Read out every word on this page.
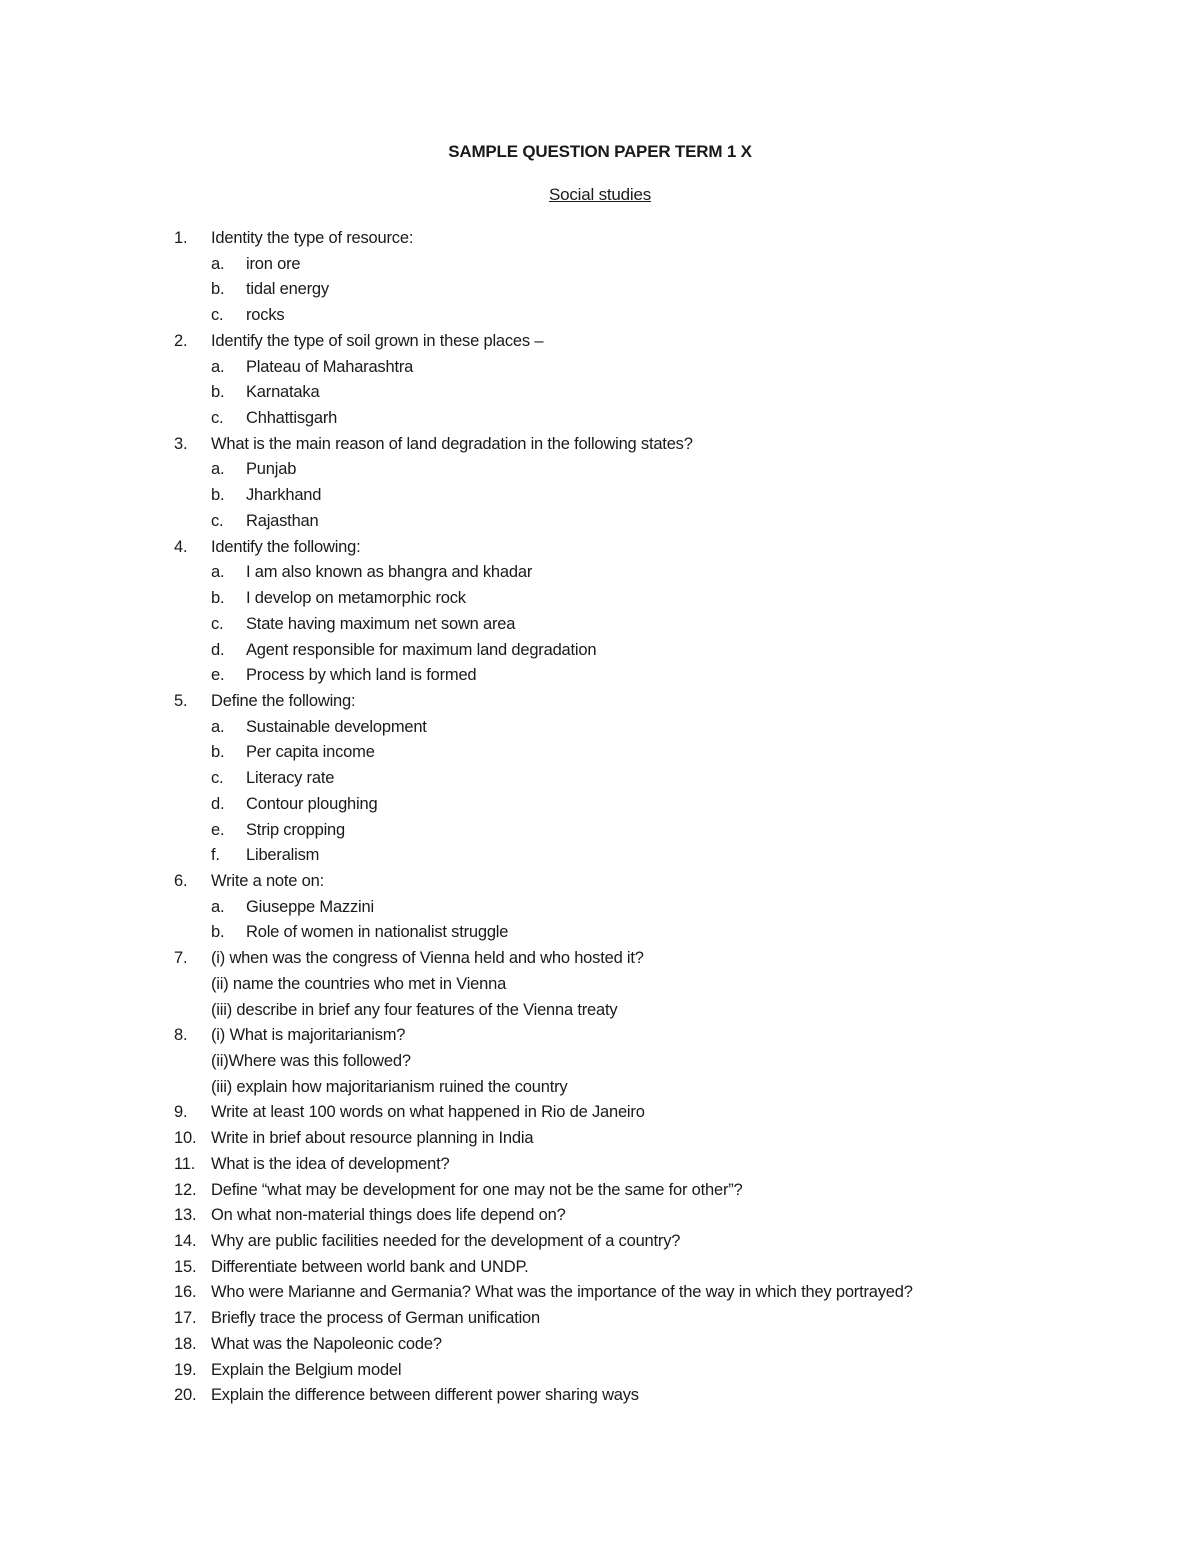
SAMPLE QUESTION PAPER TERM 1 X
Social studies
1.	Identity the type of resource:
a.	iron ore
b.	tidal energy
c.	rocks
2.	Identify the type of soil grown in these places –
a.	Plateau of Maharashtra
b.	Karnataka
c.	Chhattisgarh
3.	What is the main reason of land degradation in the following states?
a.	Punjab
b.	Jharkhand
c.	Rajasthan
4.	Identify the following:
a.	I am also known as bhangra and khadar
b.	I develop on metamorphic rock
c.	State having maximum net sown area
d.	Agent responsible for maximum land degradation
e.	Process by which land is formed
5.	Define the following:
a.	Sustainable development
b.	Per capita income
c.	Literacy rate
d.	Contour ploughing
e.	Strip cropping
f.	Liberalism
6.	Write a note on:
a.	Giuseppe Mazzini
b.	Role of women in nationalist struggle
7.	(i) when was the congress of Vienna held and who hosted it?
(ii) name the countries who met in Vienna
(iii) describe in brief any four features of the Vienna treaty
8.	(i) What is majoritarianism?
(ii)Where was this followed?
(iii) explain how majoritarianism ruined the country
9.	Write at least 100 words on what happened in Rio de Janeiro
10. Write in brief about resource planning in India
11. What is the idea of development?
12. Define “what may be development for one may not be the same for other”?
13. On what non-material things does life depend on?
14. Why are public facilities needed for the development of a country?
15. Differentiate between world bank and UNDP.
16. Who were Marianne and Germania? What was the importance of the way in which they portrayed?
17. Briefly trace the process of German unification
18. What was the Napoleonic code?
19. Explain the Belgium model
20. Explain the difference between different power sharing ways
